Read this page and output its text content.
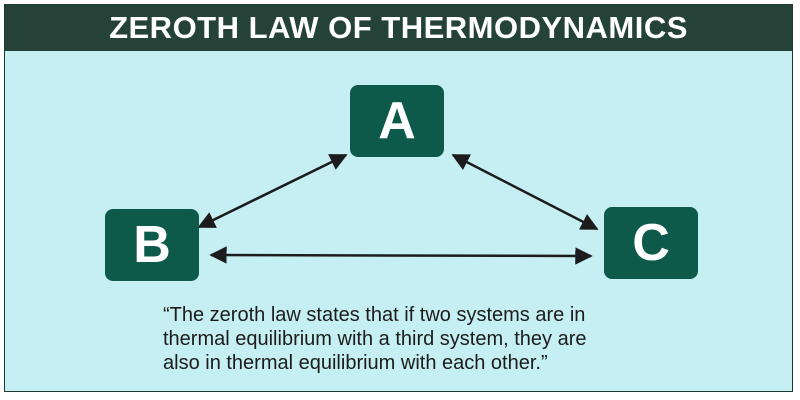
ZEROTH LAW OF THERMODYNAMICS
A
B	C
“The zeroth law states that if two systems are in
thermal equilibrium with a third system, they are
also in thermal equilibrium with each other.”
